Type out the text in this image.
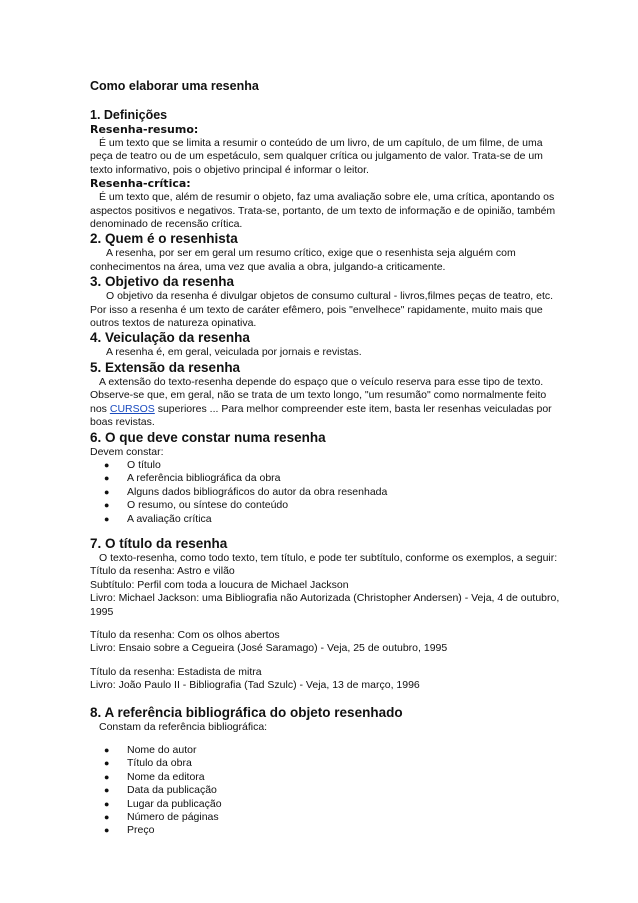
Como elaborar uma resenha
1. Definições
Resenha-resumo:

É um texto que se limita a resumir o conteúdo de um livro, de um capítulo, de um filme, de uma peça de teatro ou de um espetáculo, sem qualquer crítica ou julgamento de valor. Trata-se de um texto informativo, pois o objetivo principal é informar o leitor.

Resenha-crítica:

É um texto que, além de resumir o objeto, faz uma avaliação sobre ele, uma crítica, apontando os aspectos positivos e negativos. Trata-se, portanto, de um texto de informação e de opinião, também denominado de recensão crítica.

2. Quem é o resenhista

A resenha, por ser em geral um resumo crítico, exige que o resenhista seja alguém com conhecimentos na área, uma vez que avalia a obra, julgando-a criticamente.

3. Objetivo da resenha

O objetivo da resenha é divulgar objetos de consumo cultural - livros,filmes peças de teatro, etc. Por isso a resenha é um texto de caráter efêmero, pois "envelhece" rapidamente, muito mais que outros textos de natureza opinativa.

4. Veiculação da resenha

A resenha é, em geral, veiculada por jornais e revistas.

5. Extensão da resenha

A extensão do texto-resenha depende do espaço que o veículo reserva para esse tipo de texto. Observe-se que, em geral, não se trata de um texto longo, "um resumão" como normalmente feito nos CURSOS superiores ... Para melhor compreender este item, basta ler resenhas veiculadas por boas revistas.

6. O que deve constar numa resenha

Devem constar:

● O título
● A referência bibliográfica da obra
● Alguns dados bibliográficos do autor da obra resenhada
● O resumo, ou síntese do conteúdo
● A avaliação crítica
7. O título da resenha

O texto-resenha, como todo texto, tem título, e pode ter subtítulo, conforme os exemplos, a seguir:

Título da resenha: Astro e vilão

Subtítulo: Perfil com toda a loucura de Michael Jackson

Livro: Michael Jackson: uma Bibliografia não Autorizada (Christopher Andersen) - Veja, 4 de outubro, 1995

Título da resenha: Com os olhos abertos

Livro: Ensaio sobre a Cegueira (José Saramago) - Veja, 25 de outubro, 1995

Título da resenha: Estadista de mitra

Livro: João Paulo II - Bibliografia (Tad Szulc) - Veja, 13 de março, 1996

8. A referência bibliográfica do objeto resenhado

Constam da referência bibliográfica:

● Nome do autor
● Título da obra
● Nome da editora
● Data da publicação
● Lugar da publicação
● Número de páginas
● Preço
